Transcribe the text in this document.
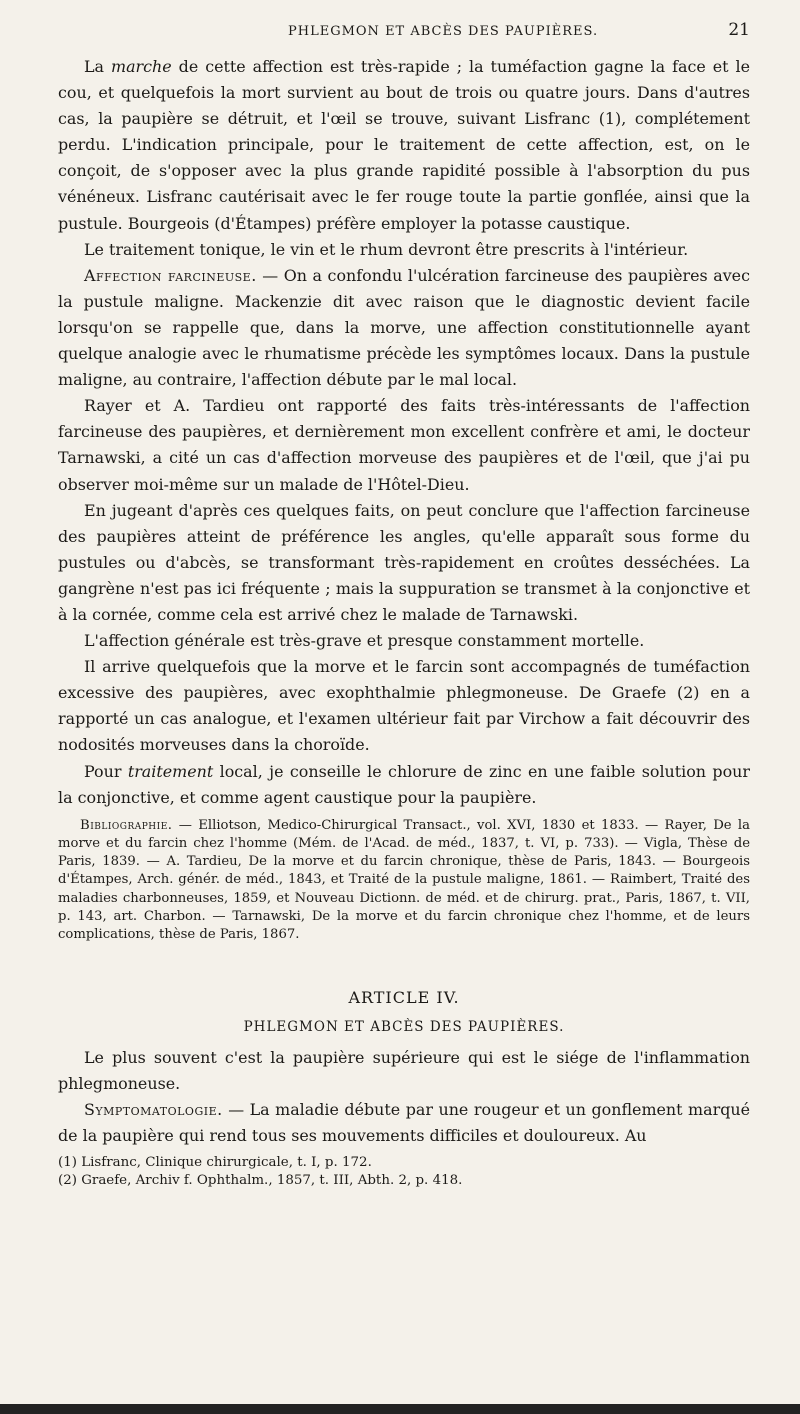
PHLEGMON ET ABCÈS DES PAUPIÈRES.	21

La marche de cette affection est très-rapide ; la tuméfaction gagne la face et le cou, et quelquefois la mort survient au bout de trois ou quatre jours. Dans d'autres cas, la paupière se détruit, et l'œil se trouve, suivant Lisfranc (1), complétement perdu. L'indication principale, pour le traitement de cette affection, est, on le conçoit, de s'opposer avec la plus grande rapidité possible à l'absorption du pus vénéneux. Lisfranc cautérisait avec le fer rouge toute la partie gonflée, ainsi que la pustule. Bourgeois (d'Étampes) préfère employer la potasse caustique.

Le traitement tonique, le vin et le rhum devront être prescrits à l'intérieur.

Affection farcineuse. — On a confondu l'ulcération farcineuse des paupières avec la pustule maligne. Mackenzie dit avec raison que le diagnostic devient facile lorsqu'on se rappelle que, dans la morve, une affection constitutionnelle ayant quelque analogie avec le rhumatisme précède les symptômes locaux. Dans la pustule maligne, au contraire, l'affection débute par le mal local.

Rayer et A. Tardieu ont rapporté des faits très-intéressants de l'affection farcineuse des paupières, et dernièrement mon excellent confrère et ami, le docteur Tarnawski, a cité un cas d'affection morveuse des paupières et de l'œil, que j'ai pu observer moi-même sur un malade de l'Hôtel-Dieu.

En jugeant d'après ces quelques faits, on peut conclure que l'affection farcineuse des paupières atteint de préférence les angles, qu'elle apparaît sous forme du pustules ou d'abcès, se transformant très-rapidement en croûtes desséchées. La gangrène n'est pas ici fréquente ; mais la suppuration se transmet à la conjonctive et à la cornée, comme cela est arrivé chez le malade de Tarnawski.

L'affection générale est très-grave et presque constamment mortelle.

Il arrive quelquefois que la morve et le farcin sont accompagnés de tuméfaction excessive des paupières, avec exophthalmie phlegmoneuse. De Graefe (2) en a rapporté un cas analogue, et l'examen ultérieur fait par Virchow a fait découvrir des nodosités morveuses dans la choroïde.

Pour traitement local, je conseille le chlorure de zinc en une faible solution pour la conjonctive, et comme agent caustique pour la paupière.

Bibliographie. — Elliotson, Medico-Chirurgical Transact., vol. XVI, 1830 et 1833. — Rayer, De la morve et du farcin chez l'homme (Mém. de l'Acad. de méd., 1837, t. VI, p. 733). — Vigla, Thèse de Paris, 1839. — A. Tardieu, De la morve et du farcin chronique, thèse de Paris, 1843. — Bourgeois d'Étampes, Arch. génér. de méd., 1843, et Traité de la pustule maligne, 1861. — Raimbert, Traité des maladies charbonneuses, 1859, et Nouveau Dictionn. de méd. et de chirurg. prat., Paris, 1867, t. VII, p. 143, art. Charbon. — Tarnawski, De la morve et du farcin chronique chez l'homme, et de leurs complications, thèse de Paris, 1867.

ARTICLE IV.
PHLEGMON ET ABCÈS DES PAUPIÈRES.

Le plus souvent c'est la paupière supérieure qui est le siége de l'inflammation phlegmoneuse.

Symptomatologie. — La maladie débute par une rougeur et un gonflement marqué de la paupière qui rend tous ses mouvements difficiles et douloureux. Au

(1) Lisfranc, Clinique chirurgicale, t. I, p. 172.

(2) Graefe, Archiv f. Ophthalm., 1857, t. III, Abth. 2, p. 418.
